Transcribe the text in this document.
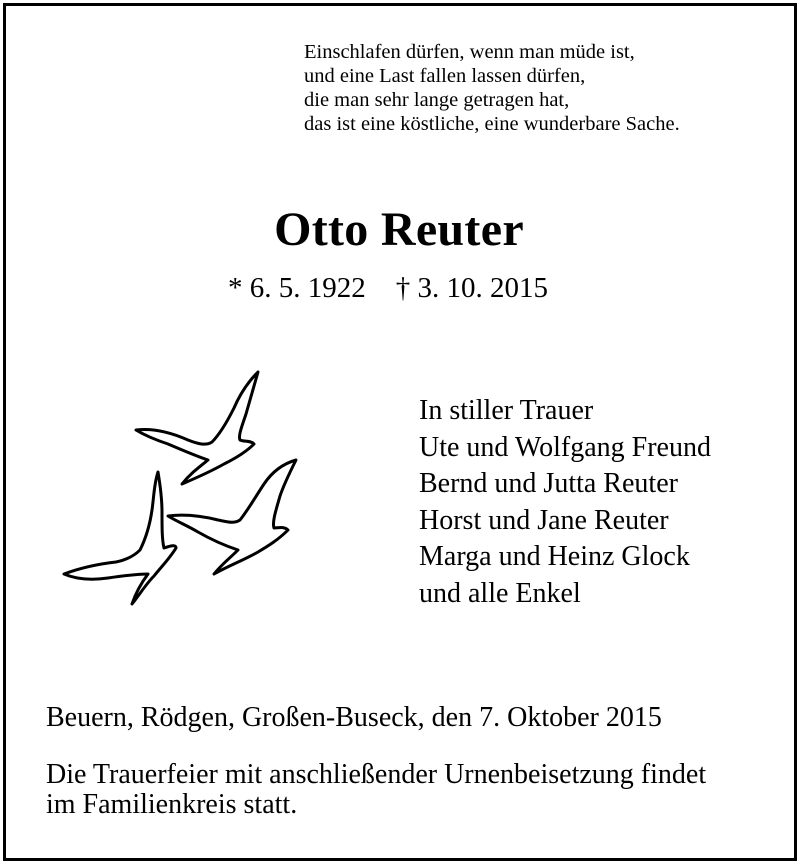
Einschlafen dürfen, wenn man müde ist,
und eine Last fallen lassen dürfen,
die man sehr lange getragen hat,
das ist eine köstliche, eine wunderbare Sache.
Otto Reuter
* 6. 5. 1922 † 3. 10. 2015
In stiller Trauer
Ute und Wolfgang Freund
Bernd und Jutta Reuter
Horst und Jane Reuter
Marga und Heinz Glock
und alle Enkel
Beuern, Rödgen, Großen-Buseck, den 7. Oktober 2015
Die Trauerfeier mit anschließender Urnenbeisetzung findet
im Familienkreis statt.
